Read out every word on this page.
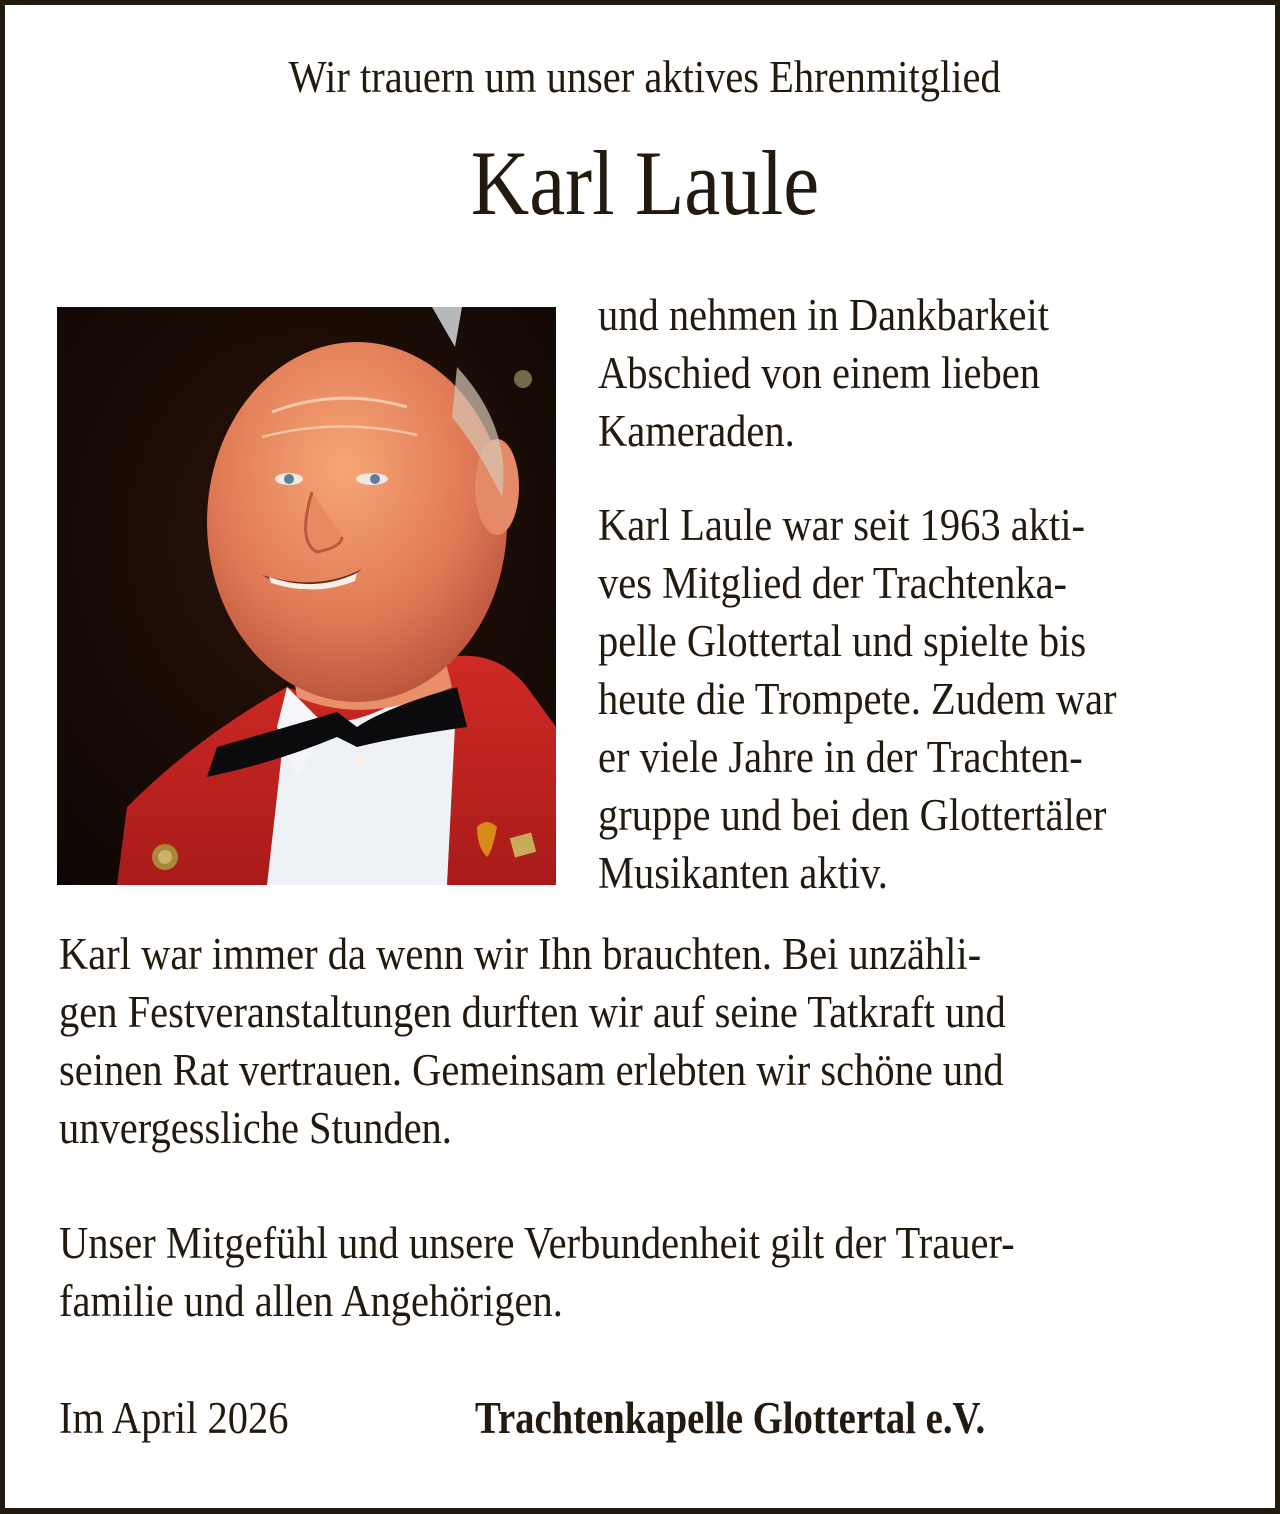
Wir trauern um unser aktives Ehrenmitglied
Karl Laule
und nehmen in Dankbarkeit
Abschied von einem lieben
Kameraden.
Karl Laule war seit 1963 akti-
ves Mitglied der Trachtenka-
pelle Glottertal und spielte bis
heute die Trompete. Zudem war
er viele Jahre in der Trachten-
gruppe und bei den Glottertäler
Musikanten aktiv.
Karl war immer da wenn wir Ihn brauchten. Bei unzähli-
gen Festveranstaltungen durften wir auf seine Tatkraft und
seinen Rat vertrauen. Gemeinsam erlebten wir schöne und
unvergessliche Stunden.
Unser Mitgefühl und unsere Verbundenheit gilt der Trauer-
familie und allen Angehörigen.
Im April 2026	Trachtenkapelle Glottertal e.V.
